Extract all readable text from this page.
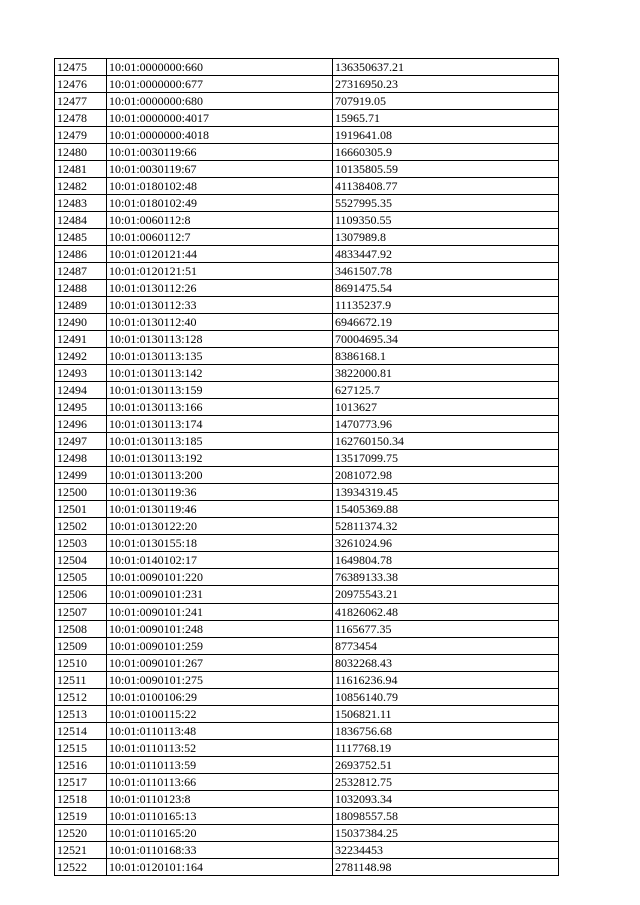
12475	10:01:0000000:660	136350637.21
12476	10:01:0000000:677	27316950.23
12477	10:01:0000000:680	707919.05
12478	10:01:0000000:4017	15965.71
12479	10:01:0000000:4018	1919641.08
12480	10:01:0030119:66	16660305.9
12481	10:01:0030119:67	10135805.59
12482	10:01:0180102:48	41138408.77
12483	10:01:0180102:49	5527995.35
12484	10:01:0060112:8	1109350.55
12485	10:01:0060112:7	1307989.8
12486	10:01:0120121:44	4833447.92
12487	10:01:0120121:51	3461507.78
12488	10:01:0130112:26	8691475.54
12489	10:01:0130112:33	11135237.9
12490	10:01:0130112:40	6946672.19
12491	10:01:0130113:128	70004695.34
12492	10:01:0130113:135	8386168.1
12493	10:01:0130113:142	3822000.81
12494	10:01:0130113:159	627125.7
12495	10:01:0130113:166	1013627
12496	10:01:0130113:174	1470773.96
12497	10:01:0130113:185	162760150.34
12498	10:01:0130113:192	13517099.75
12499	10:01:0130113:200	2081072.98
12500	10:01:0130119:36	13934319.45
12501	10:01:0130119:46	15405369.88
12502	10:01:0130122:20	52811374.32
12503	10:01:0130155:18	3261024.96
12504	10:01:0140102:17	1649804.78
12505	10:01:0090101:220	76389133.38
12506	10:01:0090101:231	20975543.21
12507	10:01:0090101:241	41826062.48
12508	10:01:0090101:248	1165677.35
12509	10:01:0090101:259	8773454
12510	10:01:0090101:267	8032268.43
12511	10:01:0090101:275	11616236.94
12512	10:01:0100106:29	10856140.79
12513	10:01:0100115:22	1506821.11
12514	10:01:0110113:48	1836756.68
12515	10:01:0110113:52	1117768.19
12516	10:01:0110113:59	2693752.51
12517	10:01:0110113:66	2532812.75
12518	10:01:0110123:8	1032093.34
12519	10:01:0110165:13	18098557.58
12520	10:01:0110165:20	15037384.25
12521	10:01:0110168:33	32234453
12522	10:01:0120101:164	2781148.98
